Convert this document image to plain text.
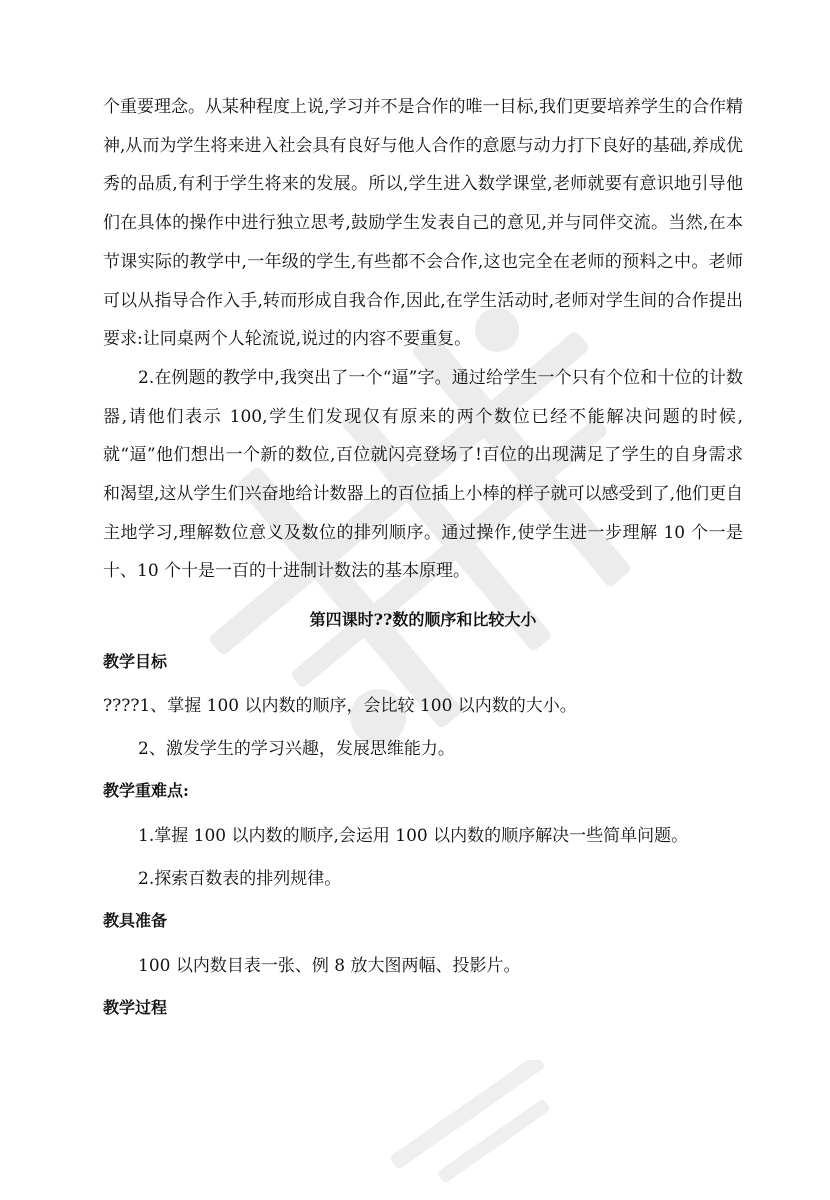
个重要理念。从某种程度上说,学习并不是合作的唯一目标,我们更要培养学生的合作精神,从而为学生将来进入社会具有良好与他人合作的意愿与动力打下良好的基础,养成优秀的品质,有利于学生将来的发展。所以,学生进入数学课堂,老师就要有意识地引导他们在具体的操作中进行独立思考,鼓励学生发表自己的意见,并与同伴交流。当然,在本节课实际的教学中,一年级的学生,有些都不会合作,这也完全在老师的预料之中。老师可以从指导合作入手,转而形成自我合作,因此,在学生活动时,老师对学生间的合作提出要求:让同桌两个人轮流说,说过的内容不要重复。

2.在例题的教学中,我突出了一个“逼”字。通过给学生一个只有个位和十位的计数器,请他们表示 100,学生们发现仅有原来的两个数位已经不能解决问题的时候,就“逼”他们想出一个新的数位,百位就闪亮登场了!百位的出现满足了学生的自身需求和渴望,这从学生们兴奋地给计数器上的百位插上小棒的样子就可以感受到了,他们更自主地学习,理解数位意义及数位的排列顺序。通过操作,使学生进一步理解 10 个一是十、10 个十是一百的十进制计数法的基本原理。

第四课时??数的顺序和比较大小

教学目标

????1、掌握 100 以内数的顺序，会比较 100 以内数的大小。

2、激发学生的学习兴趣，发展思维能力。

教学重难点:

1.掌握 100 以内数的顺序,会运用 100 以内数的顺序解决一些简单问题。

2.探索百数表的排列规律。

教具准备

100 以内数目表一张、例 8 放大图两幅、投影片。

教学过程
